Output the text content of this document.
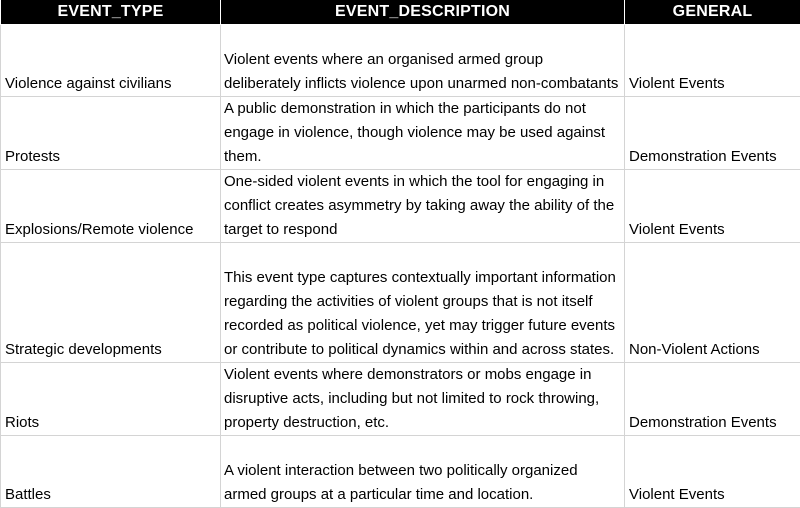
EVENT_TYPE	EVENT_DESCRIPTION	GENERAL
Violence against civilians	Violent events where an organised armed group deliberately inflicts violence upon unarmed non-combatants	Violent Events
Protests	A public demonstration in which the participants do not engage in violence, though violence may be used against them.	Demonstration Events
Explosions/Remote violence	One-sided violent events in which the tool for engaging in conflict creates asymmetry by taking away the ability of the target to respond	Violent Events
Strategic developments	This event type captures contextually important information regarding the activities of violent groups that is not itself recorded as political violence, yet may trigger future events or contribute to political dynamics within and across states.	Non-Violent Actions
Riots	Violent events where demonstrators or mobs engage in disruptive acts, including but not limited to rock throwing, property destruction, etc.	Demonstration Events
Battles	A violent interaction between two politically organized armed groups at a particular time and location.	Violent Events
